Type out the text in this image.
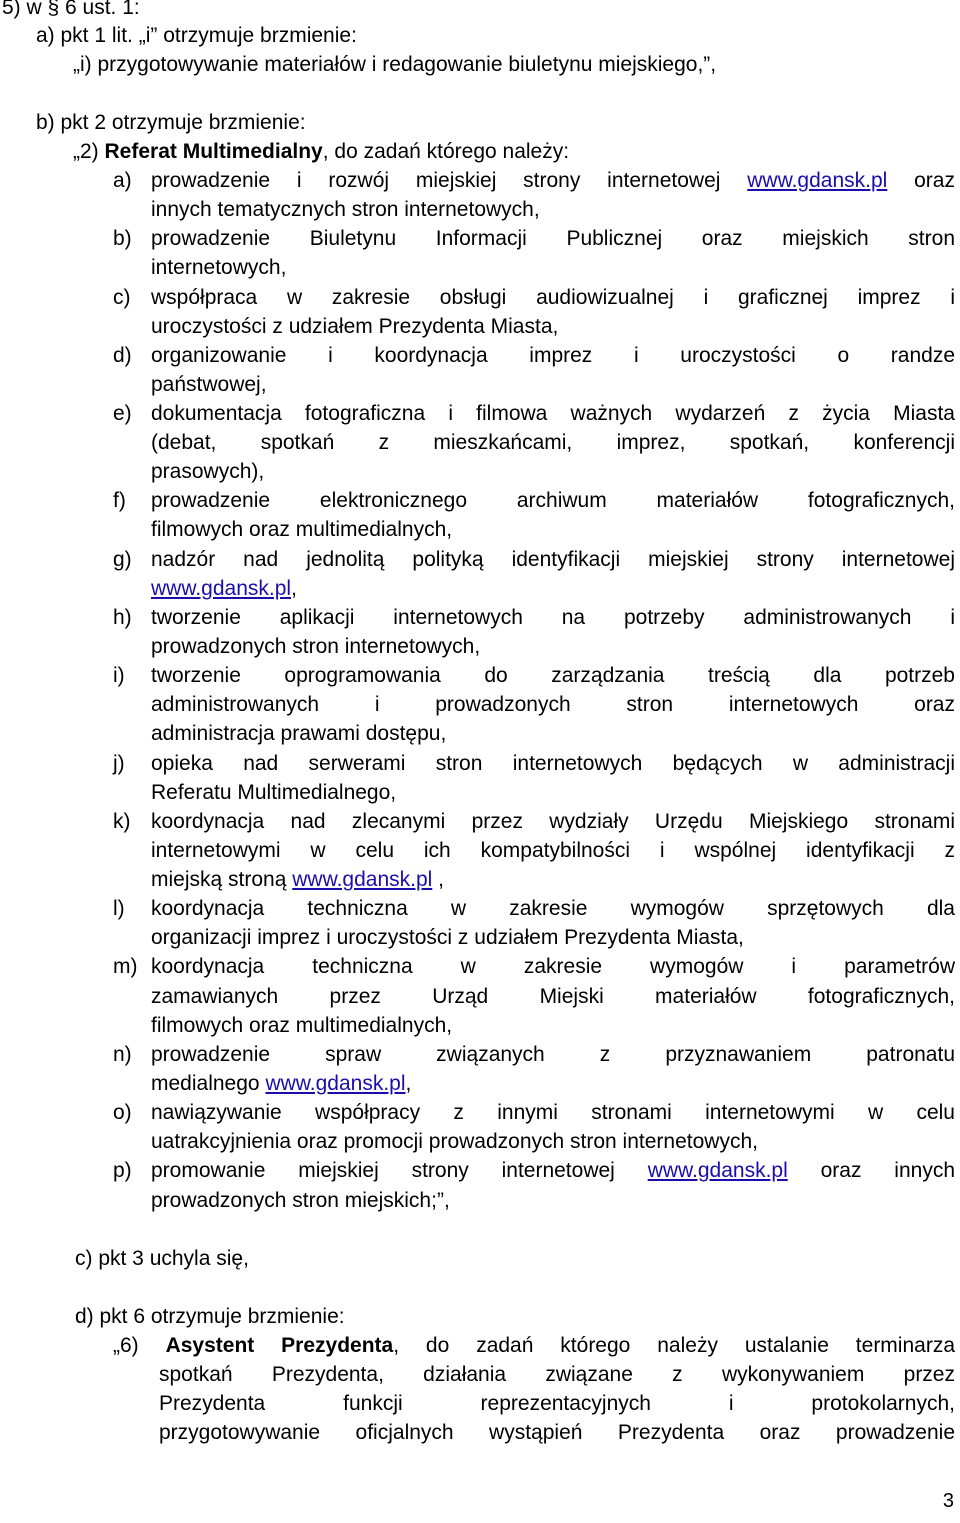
5) w § 6 ust. 1:
a) pkt 1 lit. „i” otrzymuje brzmienie:
„i) przygotowywanie materiałów i redagowanie biuletynu miejskiego,”,
b) pkt 2 otrzymuje brzmienie:
„2) Referat Multimedialny, do zadań którego należy:
a) prowadzenie i rozwój miejskiej strony internetowej www.gdansk.pl oraz
innych tematycznych stron internetowych,
b) prowadzenie Biuletynu Informacji Publicznej oraz miejskich stron
internetowych,
c) współpraca w zakresie obsługi audiowizualnej i graficznej imprez i
uroczystości z udziałem Prezydenta Miasta,
d) organizowanie i koordynacja imprez i uroczystości o randze
państwowej,
e) dokumentacja fotograficzna i filmowa ważnych wydarzeń z życia Miasta
(debat, spotkań z mieszkańcami, imprez, spotkań, konferencji
prasowych),
f) prowadzenie elektronicznego archiwum materiałów fotograficznych,
filmowych oraz multimedialnych,
g) nadzór nad jednolitą polityką identyfikacji miejskiej strony internetowej
www.gdansk.pl,
h) tworzenie aplikacji internetowych na potrzeby administrowanych i
prowadzonych stron internetowych,
i) tworzenie oprogramowania do zarządzania treścią dla potrzeb
administrowanych i prowadzonych stron internetowych oraz
administracja prawami dostępu,
j) opieka nad serwerami stron internetowych będących w administracji
Referatu Multimedialnego,
k) koordynacja nad zlecanymi przez wydziały Urzędu Miejskiego stronami
internetowymi w celu ich kompatybilności i wspólnej identyfikacji z
miejską stroną www.gdansk.pl ,
l) koordynacja techniczna w zakresie wymogów sprzętowych dla
organizacji imprez i uroczystości z udziałem Prezydenta Miasta,
m) koordynacja techniczna w zakresie wymogów i parametrów
zamawianych przez Urząd Miejski materiałów fotograficznych,
filmowych oraz multimedialnych,
n) prowadzenie spraw związanych z przyznawaniem patronatu
medialnego www.gdansk.pl,
o) nawiązywanie współpracy z innymi stronami internetowymi w celu
uatrakcyjnienia oraz promocji prowadzonych stron internetowych,
p) promowanie miejskiej strony internetowej www.gdansk.pl oraz innych
prowadzonych stron miejskich;”,
c) pkt 3 uchyla się,
d) pkt 6 otrzymuje brzmienie:
„6) Asystent Prezydenta, do zadań którego należy ustalanie terminarza
spotkań Prezydenta, działania związane z wykonywaniem przez
Prezydenta funkcji reprezentacyjnych i protokolarnych,
przygotowywanie oficjalnych wystąpień Prezydenta oraz prowadzenie
3
